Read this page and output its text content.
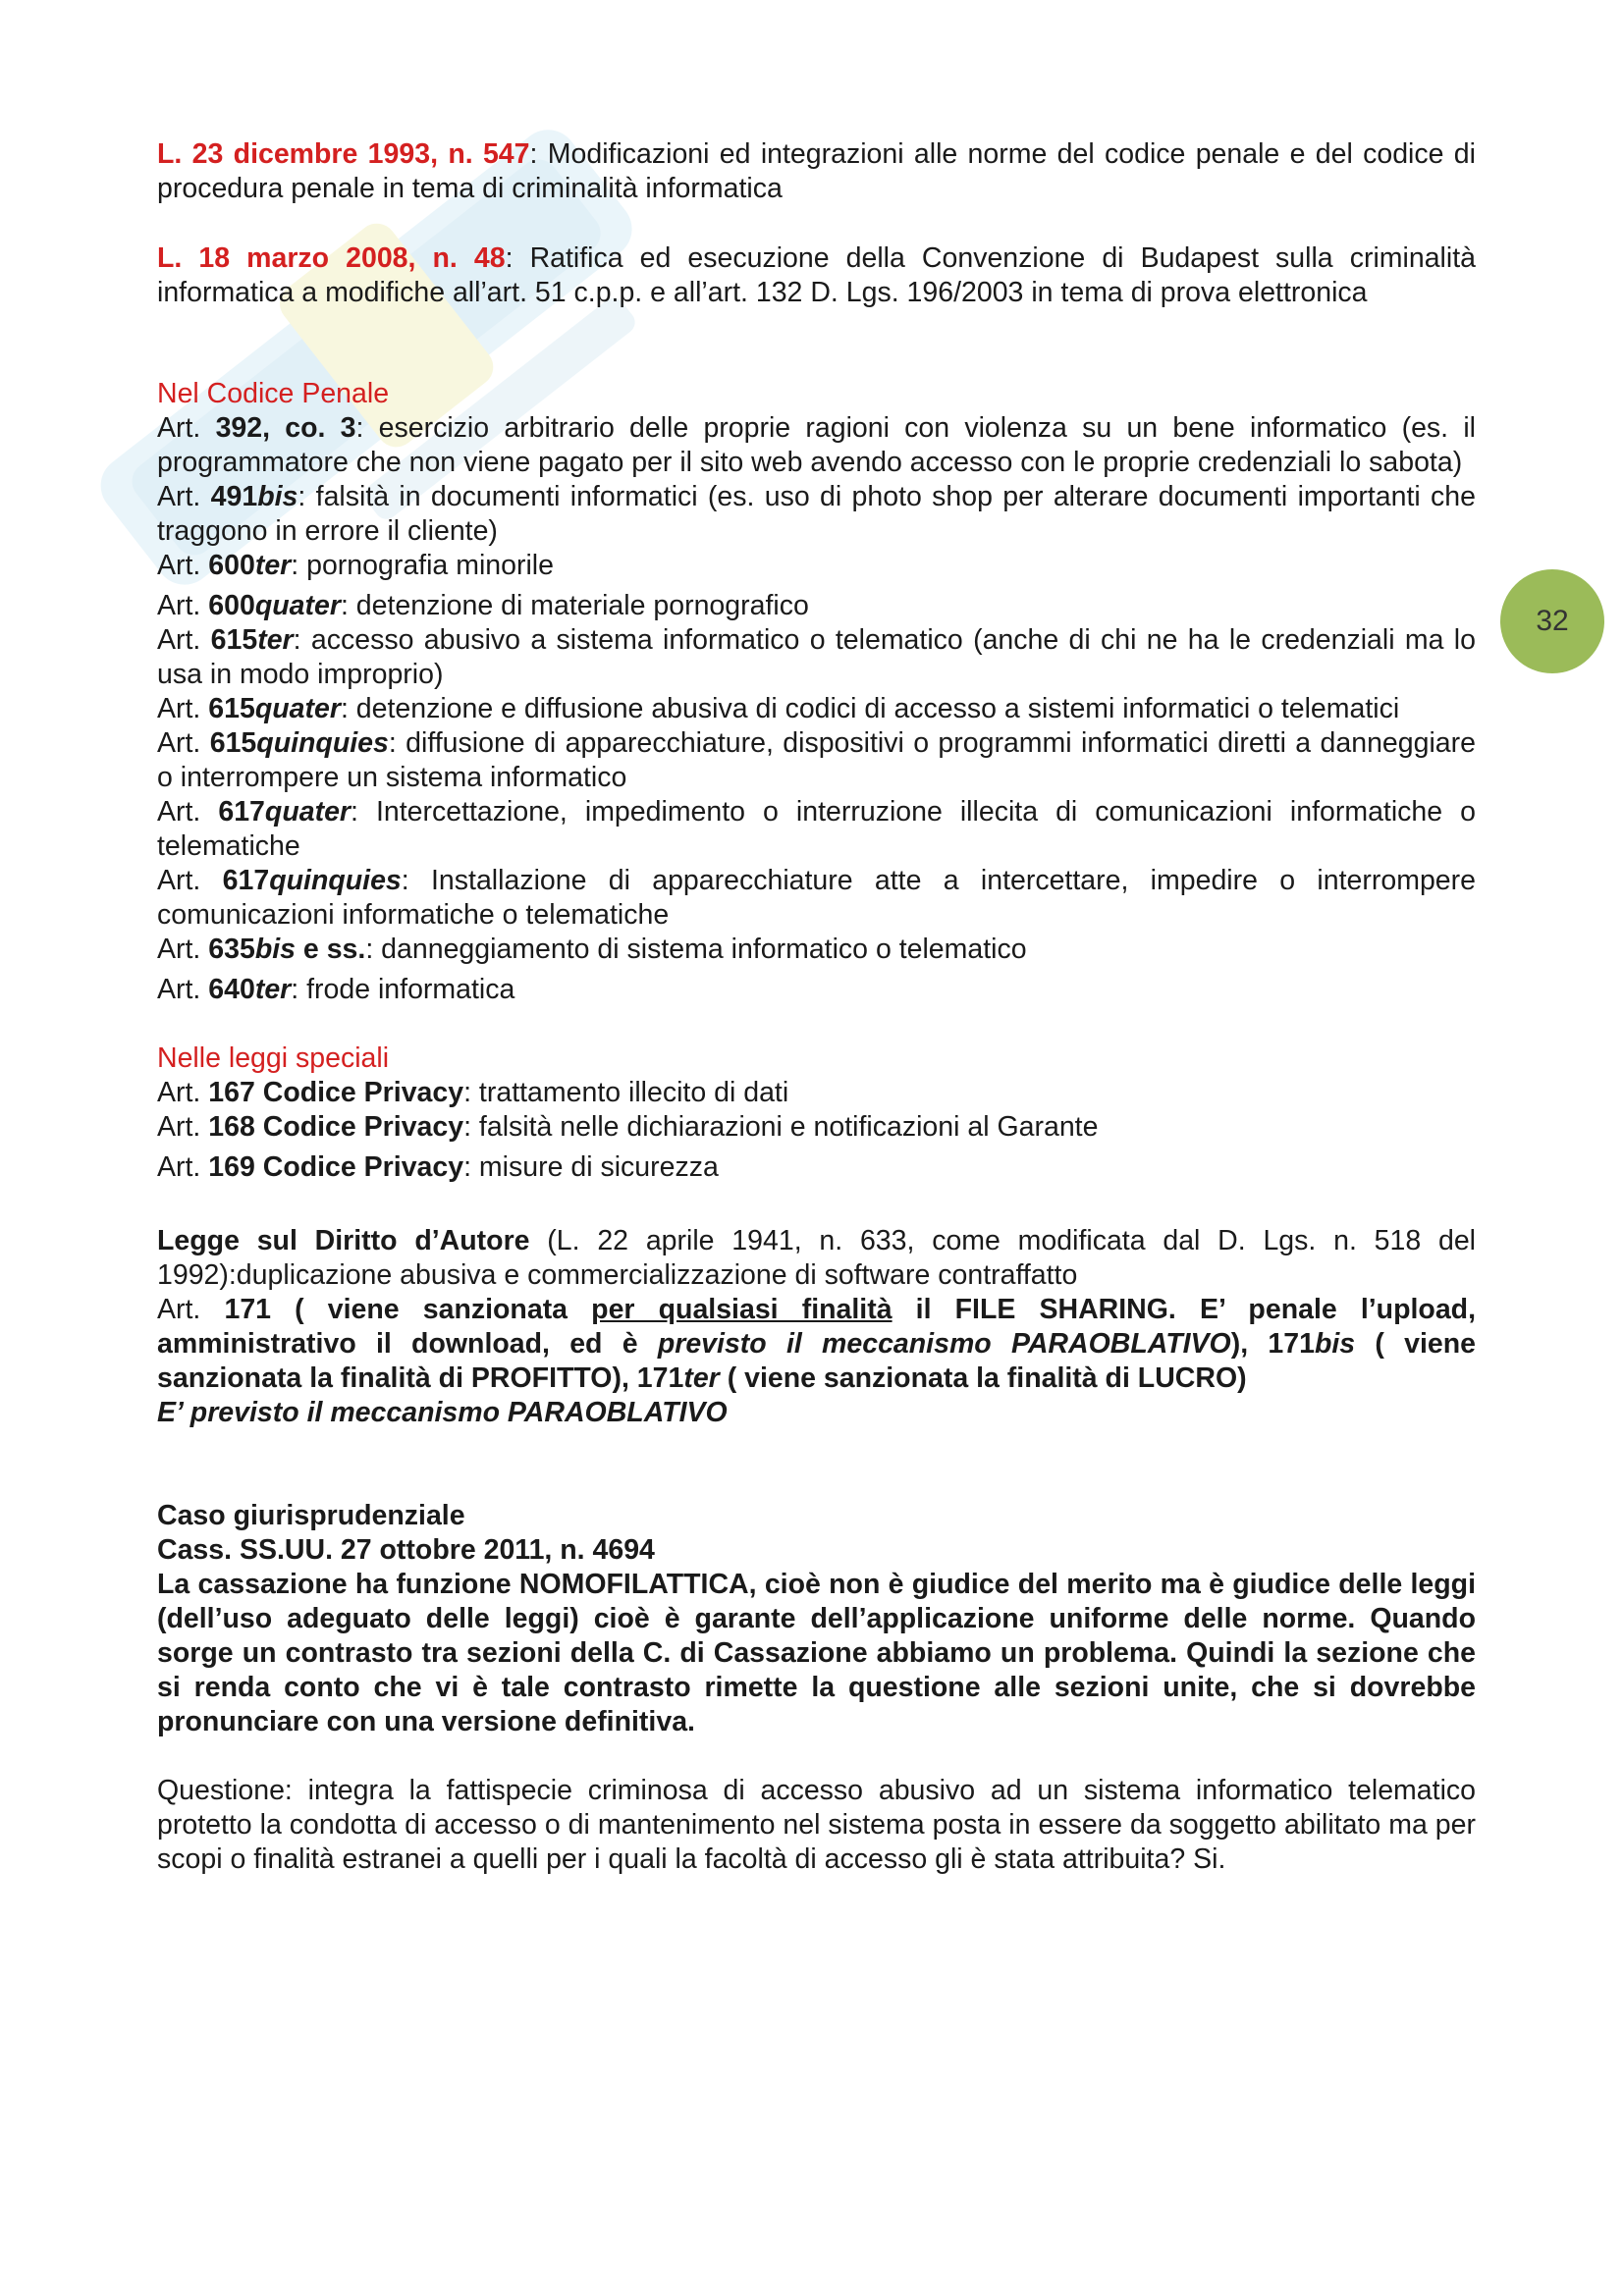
L. 23 dicembre 1993, n. 547: Modificazioni ed integrazioni alle norme del codice penale e del codice di procedura penale in tema di criminalità informatica

L. 18 marzo 2008, n. 48: Ratifica ed esecuzione della Convenzione di Budapest sulla criminalità informatica a modifiche all’art. 51 c.p.p. e all’art. 132 D. Lgs. 196/2003 in tema di prova elettronica

Nel Codice Penale

Art. 392, co. 3: esercizio arbitrario delle proprie ragioni con violenza su un bene informatico (es. il programmatore che non viene pagato per il sito web avendo accesso con le proprie credenziali lo sabota)

Art. 491bis: falsità in documenti informatici (es. uso di photo shop per alterare documenti importanti che traggono in errore il cliente)

Art. 600ter: pornografia minorile

Art. 600quater: detenzione di materiale pornografico

Art. 615ter: accesso abusivo a sistema informatico o telematico (anche di chi ne ha le credenziali ma lo usa in modo improprio)

Art. 615quater: detenzione e diffusione abusiva di codici di accesso a sistemi informatici o telematici

Art. 615quinquies: diffusione di apparecchiature, dispositivi o programmi informatici diretti a danneggiare o interrompere un sistema informatico

Art. 617quater: Intercettazione, impedimento o interruzione illecita di comunicazioni informatiche o telematiche

Art. 617quinquies: Installazione di apparecchiature atte a intercettare, impedire o interrompere comunicazioni informatiche o telematiche

Art. 635bis e ss.: danneggiamento di sistema informatico o telematico

Art. 640ter: frode informatica

Nelle leggi speciali

Art. 167 Codice Privacy: trattamento illecito di dati

Art. 168 Codice Privacy: falsità nelle dichiarazioni e notificazioni al Garante

Art. 169 Codice Privacy: misure di sicurezza

Legge sul Diritto d’Autore (L. 22 aprile 1941, n. 633, come modificata dal D. Lgs. n. 518 del 1992):duplicazione abusiva e commercializzazione di software contraffatto

Art. 171 ( viene sanzionata per qualsiasi finalità il FILE SHARING. E’ penale l’upload, amministrativo il download, ed è previsto il meccanismo PARAOBLATIVO), 171bis ( viene sanzionata la finalità di PROFITTO), 171ter ( viene sanzionata la finalità di LUCRO)

E’ previsto il meccanismo PARAOBLATIVO

Caso giurisprudenziale

Cass. SS.UU. 27 ottobre 2011, n. 4694

La cassazione ha funzione NOMOFILATTICA, cioè non è giudice del merito ma è giudice delle leggi (dell’uso adeguato delle leggi) cioè è garante dell’applicazione uniforme delle norme. Quando sorge un contrasto tra sezioni della C. di Cassazione abbiamo un problema. Quindi la sezione che si renda conto che vi è tale contrasto rimette la questione alle sezioni unite, che si dovrebbe pronunciare con una versione definitiva.

Questione: integra la fattispecie criminosa di accesso abusivo ad un sistema informatico telematico protetto la condotta di accesso o di mantenimento nel sistema posta in essere da soggetto abilitato ma per scopi o finalità estranei a quelli per i quali la facoltà di accesso gli è stata attribuita? Si.

32
